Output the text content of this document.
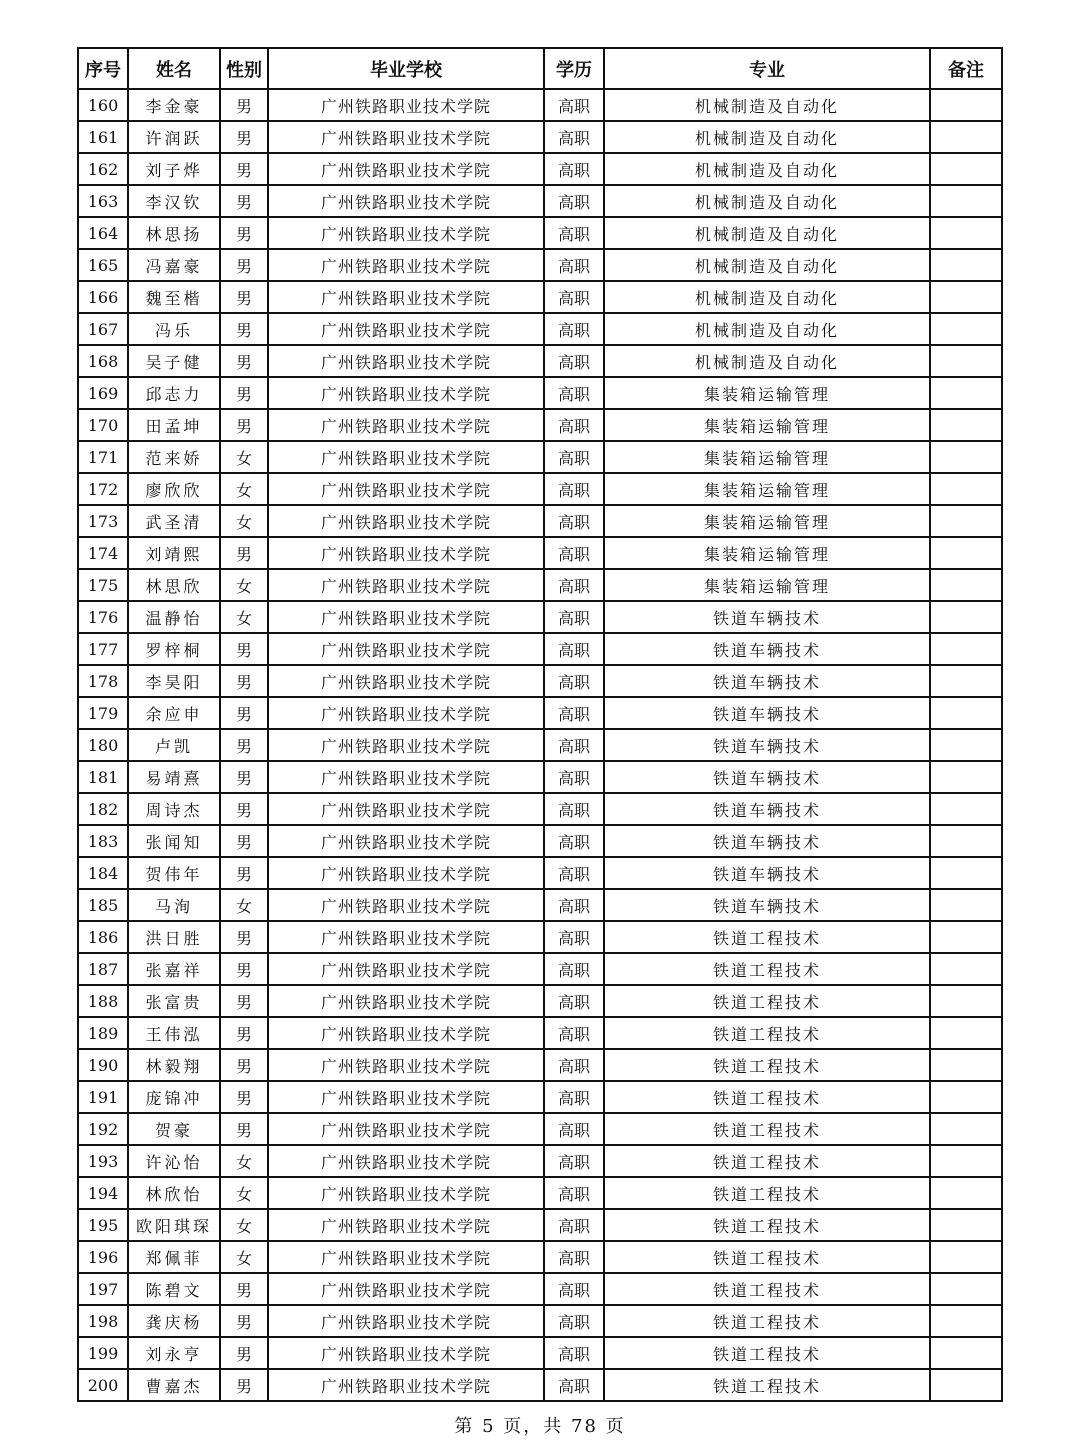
序号	姓名	性别	毕业学校	学历	专业	备注
160	李金豪	男	广州铁路职业技术学院	高职	机械制造及自动化	
161	许润跃	男	广州铁路职业技术学院	高职	机械制造及自动化	
162	刘子烨	男	广州铁路职业技术学院	高职	机械制造及自动化	
163	李汉钦	男	广州铁路职业技术学院	高职	机械制造及自动化	
164	林思扬	男	广州铁路职业技术学院	高职	机械制造及自动化	
165	冯嘉豪	男	广州铁路职业技术学院	高职	机械制造及自动化	
166	魏至楷	男	广州铁路职业技术学院	高职	机械制造及自动化	
167	冯乐	男	广州铁路职业技术学院	高职	机械制造及自动化	
168	吴子健	男	广州铁路职业技术学院	高职	机械制造及自动化	
169	邱志力	男	广州铁路职业技术学院	高职	集装箱运输管理	
170	田孟坤	男	广州铁路职业技术学院	高职	集装箱运输管理	
171	范来娇	女	广州铁路职业技术学院	高职	集装箱运输管理	
172	廖欣欣	女	广州铁路职业技术学院	高职	集装箱运输管理	
173	武圣清	女	广州铁路职业技术学院	高职	集装箱运输管理	
174	刘靖熙	男	广州铁路职业技术学院	高职	集装箱运输管理	
175	林思欣	女	广州铁路职业技术学院	高职	集装箱运输管理	
176	温静怡	女	广州铁路职业技术学院	高职	铁道车辆技术	
177	罗梓桐	男	广州铁路职业技术学院	高职	铁道车辆技术	
178	李昊阳	男	广州铁路职业技术学院	高职	铁道车辆技术	
179	余应申	男	广州铁路职业技术学院	高职	铁道车辆技术	
180	卢凯	男	广州铁路职业技术学院	高职	铁道车辆技术	
181	易靖熹	男	广州铁路职业技术学院	高职	铁道车辆技术	
182	周诗杰	男	广州铁路职业技术学院	高职	铁道车辆技术	
183	张闻知	男	广州铁路职业技术学院	高职	铁道车辆技术	
184	贺伟年	男	广州铁路职业技术学院	高职	铁道车辆技术	
185	马洵	女	广州铁路职业技术学院	高职	铁道车辆技术	
186	洪日胜	男	广州铁路职业技术学院	高职	铁道工程技术	
187	张嘉祥	男	广州铁路职业技术学院	高职	铁道工程技术	
188	张富贵	男	广州铁路职业技术学院	高职	铁道工程技术	
189	王伟泓	男	广州铁路职业技术学院	高职	铁道工程技术	
190	林毅翔	男	广州铁路职业技术学院	高职	铁道工程技术	
191	庞锦冲	男	广州铁路职业技术学院	高职	铁道工程技术	
192	贺豪	男	广州铁路职业技术学院	高职	铁道工程技术	
193	许沁怡	女	广州铁路职业技术学院	高职	铁道工程技术	
194	林欣怡	女	广州铁路职业技术学院	高职	铁道工程技术	
195	欧阳琪琛	女	广州铁路职业技术学院	高职	铁道工程技术	
196	郑佩菲	女	广州铁路职业技术学院	高职	铁道工程技术	
197	陈碧文	男	广州铁路职业技术学院	高职	铁道工程技术	
198	龚庆杨	男	广州铁路职业技术学院	高职	铁道工程技术	
199	刘永亨	男	广州铁路职业技术学院	高职	铁道工程技术	
200	曹嘉杰	男	广州铁路职业技术学院	高职	铁道工程技术	
第 5 页，共 78 页
